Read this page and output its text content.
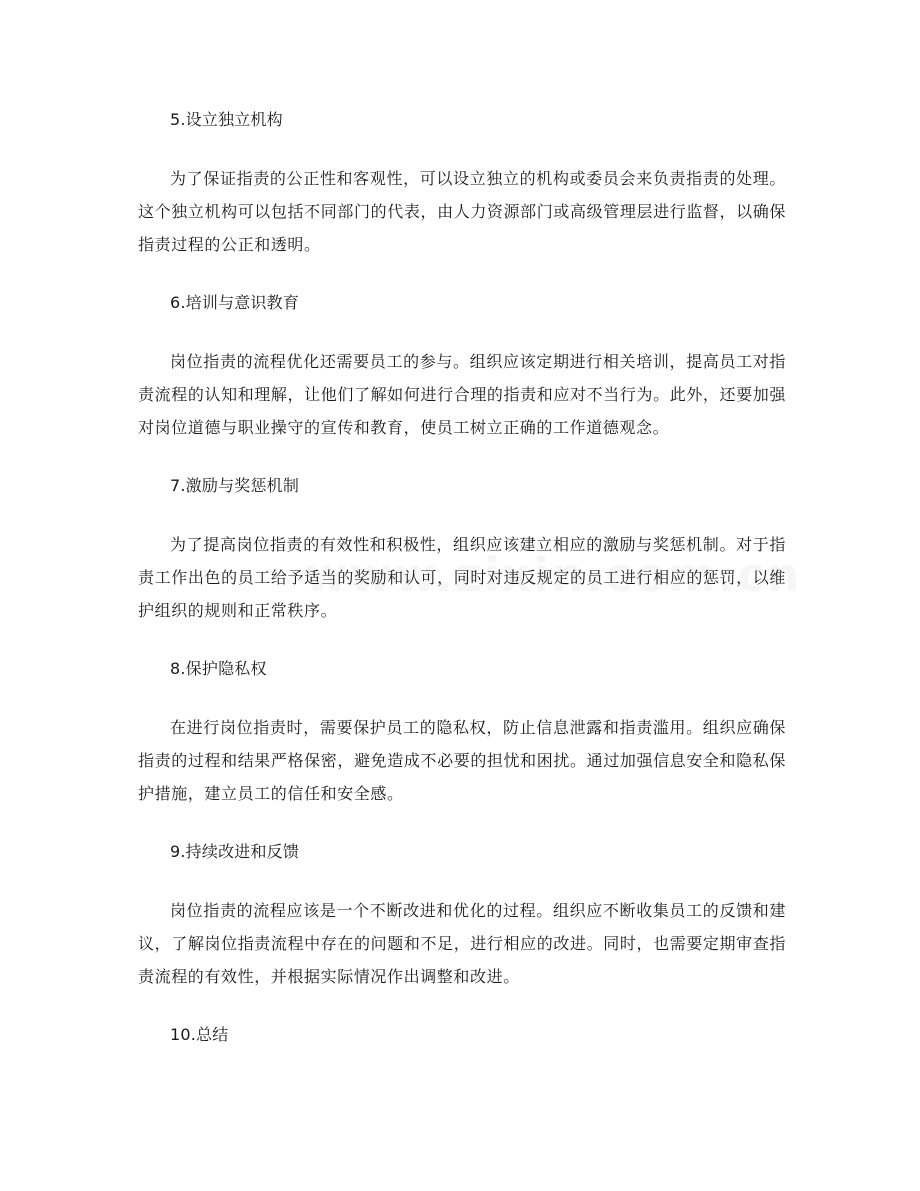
5.设立独立机构

为了保证指责的公正性和客观性，可以设立独立的机构或委员会来负责指责的处理。这个独立机构可以包括不同部门的代表，由人力资源部门或高级管理层进行监督，以确保指责过程的公正和透明。

6.培训与意识教育

岗位指责的流程优化还需要员工的参与。组织应该定期进行相关培训，提高员工对指责流程的认知和理解，让他们了解如何进行合理的指责和应对不当行为。此外，还要加强对岗位道德与职业操守的宣传和教育，使员工树立正确的工作道德观念。

7.激励与奖惩机制

为了提高岗位指责的有效性和积极性，组织应该建立相应的激励与奖惩机制。对于指责工作出色的员工给予适当的奖励和认可，同时对违反规定的员工进行相应的惩罚，以维护组织的规则和正常秩序。

8.保护隐私权

在进行岗位指责时，需要保护员工的隐私权，防止信息泄露和指责滥用。组织应确保指责的过程和结果严格保密，避免造成不必要的担忧和困扰。通过加强信息安全和隐私保护措施，建立员工的信任和安全感。

9.持续改进和反馈

岗位指责的流程应该是一个不断改进和优化的过程。组织应不断收集员工的反馈和建议，了解岗位指责流程中存在的问题和不足，进行相应的改进。同时，也需要定期审查指责流程的有效性，并根据实际情况作出调整和改进。

10.总结
